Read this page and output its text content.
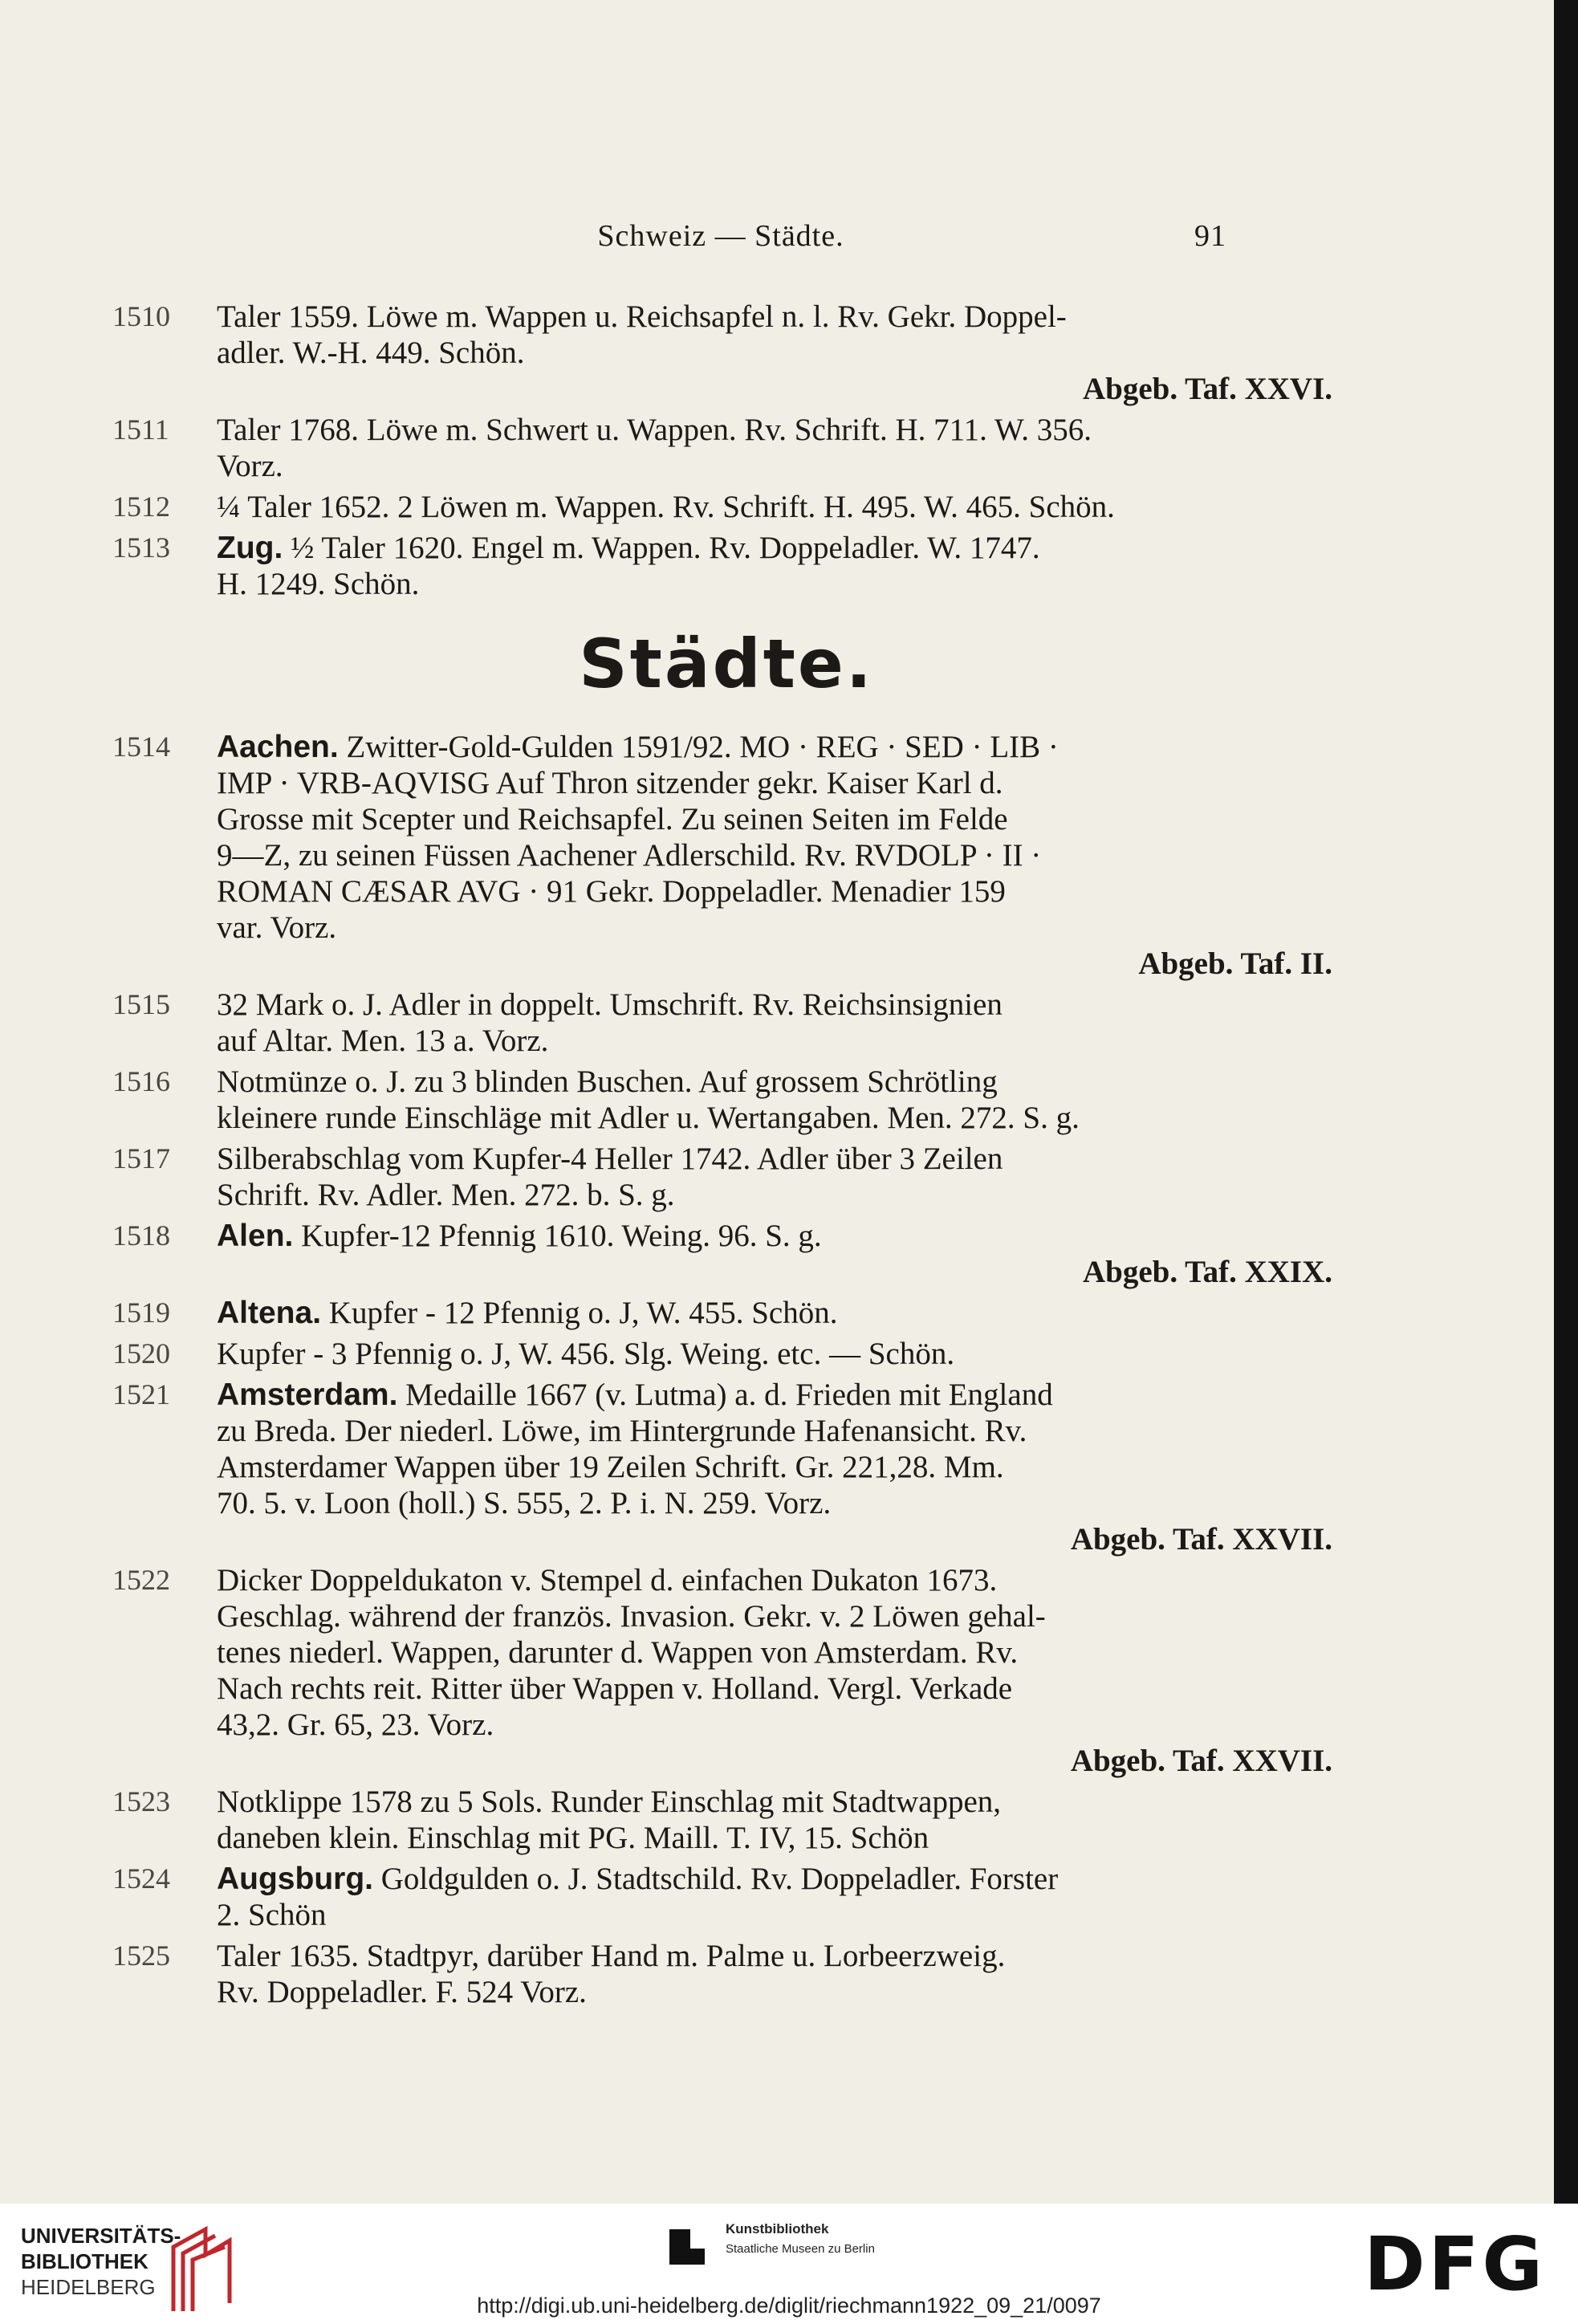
Schweiz — Städte.	91
1510	Taler 1559. Löwe m. Wappen u. Reichsapfel n. l. Rv. Gekr. Doppel-
adler. W.-H. 449. Schön.
Abgeb. Taf. XXVI.
1511	Taler 1768. Löwe m. Schwert u. Wappen. Rv. Schrift. H. 711. W. 356.
Vorz.
1512	¼ Taler 1652. 2 Löwen m. Wappen. Rv. Schrift. H. 495. W. 465. Schön.
1513	Zug. ½ Taler 1620. Engel m. Wappen. Rv. Doppeladler. W. 1747.
H. 1249. Schön.
Städte.
1514	Aachen. Zwitter-Gold-Gulden 1591/92. MO · REG · SED · LIB ·
IMP · VRB-AQVISG Auf Thron sitzender gekr. Kaiser Karl d.
Grosse mit Scepter und Reichsapfel. Zu seinen Seiten im Felde
9—Z, zu seinen Füssen Aachener Adlerschild. Rv. RVDOLP · II ·
ROMAN CÆSAR AVG · 91 Gekr. Doppeladler. Menadier 159
var. Vorz.
Abgeb. Taf. II.
1515	32 Mark o. J. Adler in doppelt. Umschrift. Rv. Reichsinsignien
auf Altar. Men. 13 a. Vorz.
1516	Notmünze o. J. zu 3 blinden Buschen. Auf grossem Schrötling
kleinere runde Einschläge mit Adler u. Wertangaben. Men. 272. S. g.
1517	Silberabschlag vom Kupfer-4 Heller 1742. Adler über 3 Zeilen
Schrift. Rv. Adler. Men. 272. b. S. g.
1518	Alen. Kupfer-12 Pfennig 1610. Weing. 96. S. g.
Abgeb. Taf. XXIX.
1519	Altena. Kupfer - 12 Pfennig o. J, W. 455. Schön.
1520	Kupfer - 3 Pfennig o. J, W. 456. Slg. Weing. etc. — Schön.
1521	Amsterdam. Medaille 1667 (v. Lutma) a. d. Frieden mit England
zu Breda. Der niederl. Löwe, im Hintergrunde Hafenansicht. Rv.
Amsterdamer Wappen über 19 Zeilen Schrift. Gr. 221,28. Mm.
70. 5. v. Loon (holl.) S. 555, 2. P. i. N. 259. Vorz.
Abgeb. Taf. XXVII.
1522	Dicker Doppeldukaton v. Stempel d. einfachen Dukaton 1673.
Geschlag. während der französ. Invasion. Gekr. v. 2 Löwen gehal-
tenes niederl. Wappen, darunter d. Wappen von Amsterdam. Rv.
Nach rechts reit. Ritter über Wappen v. Holland. Vergl. Verkade
43,2. Gr. 65, 23. Vorz.
Abgeb. Taf. XXVII.
1523	Notklippe 1578 zu 5 Sols. Runder Einschlag mit Stadtwappen,
daneben klein. Einschlag mit PG. Maill. T. IV, 15. Schön
1524	Augsburg. Goldgulden o. J. Stadtschild. Rv. Doppeladler. Forster
2. Schön
1525	Taler 1635. Stadtpyr, darüber Hand m. Palme u. Lorbeerzweig.
Rv. Doppeladler. F. 524 Vorz.
UNIVERSITÄTS-
BIBLIOTHEK
HEIDELBERG
Kunstbibliothek
Staatliche Museen zu Berlin	DFG
http://digi.ub.uni-heidelberg.de/diglit/riechmann1922_09_21/0097
